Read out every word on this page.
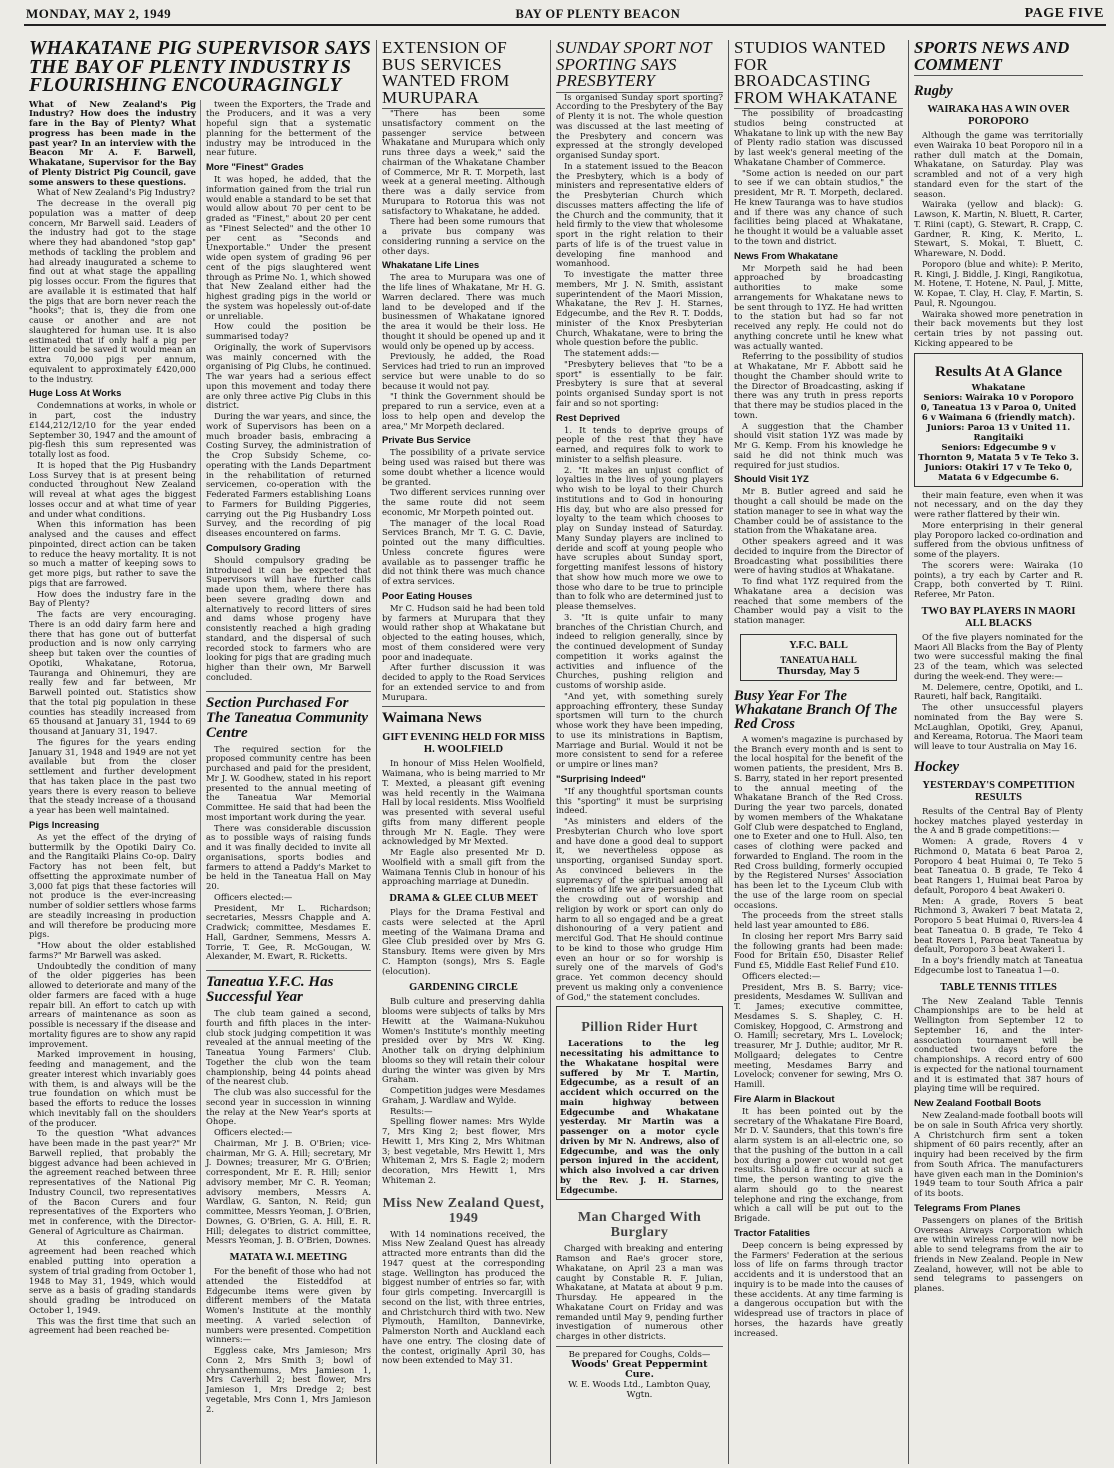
MONDAY, MAY 2, 1949	BAY OF PLENTY BEACON	PAGE FIVE
WHAKATANE PIG SUPERVISOR SAYS THE BAY OF PLENTY INDUSTRY IS FLOURISHING ENCOURAGINGLY

What of New Zealand's Pig Industry? How does the industry fare in the Bay of Plenty? What progress has been made in the past year? In an interview with the Beacon Mr A. F. Barwell, Whakatane, Supervisor for the Bay of Plenty District Pig Council, gave some answers to these questions.

What of New Zealand's Pig Industry?

The decrease in the overall pig population was a matter of deep concern, Mr Barwell said. Leaders of the industry had got to the stage where they had abandoned "stop gap" methods of tackling the problem and had already inaugurated a scheme to find out at what stage the appalling pig losses occur. From the figures that are available it is estimated that half the pigs that are born never reach the "hooks"; that is, they die from one cause or another and are not slaughtered for human use. It is also estimated that if only half a pig per litter could be saved it would mean an extra 70,000 pigs per annum, equivalent to approximately £420,000 to the industry.

Huge Loss At Works

Condemnations at works, in whole or in part, cost the industry £144,212/12/10 for the year ended September 30, 1947 and the amount of pig-flesh this sum represented was totally lost as food.

It is hoped that the Pig Husbandry Loss Survey that is at present being conducted throughout New Zealand will reveal at what ages the biggest losses occur and at what time of year and under what conditions.

When this information has been analysed and the causes and effect pinpointed, direct action can be taken to reduce the heavy mortality. It is not so much a matter of keeping sows to get more pigs, but rather to save the pigs that are farrowed.

How does the industry fare in the Bay of Plenty?

The facts are very encouraging. There is an odd dairy farm here and there that has gone out of butterfat production and is now only carrying sheep but taken over the counties of Opotiki, Whakatane, Rotorua, Tauranga and Ohinemuri, they are really few and far between, Mr Barwell pointed out. Statistics show that the total pig population in these counties has steadily increased from 65 thousand at January 31, 1944 to 69 thousand at January 31, 1947.

The figures for the years ending January 31, 1948 and 1949 are not yet available but from the closer settlement and further development that has taken place in the past two years there is every reason to believe that the steady increase of a thousand a year has been well maintained.

Pigs Increasing

As yet the effect of the drying of buttermilk by the Opotiki Dairy Co. and the Rangitaiki Plains Co-op. Dairy Factory has not been felt, but offsetting the approximate number of 3,000 fat pigs that these factories will not produce is the ever-increasing number of soldier settlers whose farms are steadily increasing in production and will therefore be producing more pigs.

"How about the older established farms?" Mr Barwell was asked.

Undoubtedly the condition of many of the older piggeries has been allowed to deteriorate and many of the older farmers are faced with a huge repair bill. An effort to catch up with arrears of maintenance as soon as possible is necessary if the disease and mortality figures are to show any rapid improvement.

Marked improvement in housing, feeding and management, and the greater interest which invariably goes with them, is and always will be the true foundation on which must be based the efforts to reduce the losses which inevitably fall on the shoulders of the producer.

To the question "What advances have been made in the past year?" Mr Barwell replied, that probably the biggest advance had been achieved in the agreement reached between three representatives of the National Pig Industry Council, two representatives of the Bacon Curers and four representatives of the Exporters who met in conference, with the Director-General of Agriculture as Chairman.

At this conference, general agreement had been reached which enabled putting into operation a system of trial grading from October 1, 1948 to May 31, 1949, which would serve as a basis of grading standards should grading be introduced on October 1, 1949.

This was the first time that such an agreement had been reached be-

tween the Exporters, the Trade and the Producers, and it was a very hopeful sign that a systematic planning for the betterment of the industry may be introduced in the near future.

More "Finest" Grades

It was hoped, he added, that the information gained from the trial run would enable a standard to be set that would allow about 70 per cent to be graded as "Finest," about 20 per cent as "Finest Selected" and the other 10 per cent as "Seconds and Unexportable." Under the present wide open system of grading 96 per cent of the pigs slaughtered went through as Prime No. 1, which showed that New Zealand either had the highest grading pigs in the world or the system was hopelessly out-of-date or unreliable.

How could the position be summarised today?

Originally, the work of Supervisors was mainly concerned with the organising of Pig Clubs, he continued. The war years had a serious effect upon this movement and today there are only three active Pig Clubs in this district.

During the war years, and since, the work of Supervisors has been on a much broader basis, embracing a Costing Survey, the administration of the Crop Subsidy Scheme, co-operating with the Lands Department in the rehabilitation of returned servicemen, co-operation with the Federated Farmers establishing Loans to Farmers for Building Piggeries, carrying out the Pig Husbandry Loss Survey, and the recording of pig diseases encountered on farms.

Compulsory Grading

Should compulsory grading be introduced it can be expected that Supervisors will have further calls made upon them, where there has been severe grading down and alternatively to record litters of sires and dams whose progeny have consistently reached a high grading standard, and the dispersal of such recorded stock to farmers who are looking for pigs that are grading much higher than their own, Mr Barwell concluded.

Section Purchased For The Taneatua Community Centre

The required section for the proposed community centre has been purchased and paid for the president, Mr J. W. Goodhew, stated in his report presented to the annual meeting of the Taneatua War Memorial Committee. He said that had been the most important work during the year.

There was considerable discussion as to possible ways of raising funds and it was finally decided to invite all organisations, sports bodies and farmers to attend a Paddy's Market to be held in the Taneatua Hall on May 20.

Officers elected:—

President, Mr L. Richardson; secretaries, Messrs Chapple and A. Cradwick; committee, Mesdames E. Hall, Gardner, Semmens, Messrs A. Torrie, T. Gee, R. McGougan, W. Alexander, M. Ewart, R. Ricketts.

Taneatua Y.F.C. Has Successful Year

The club team gained a second, fourth and fifth places in the inter-club stock judging competition it was revealed at the annual meeting of the Taneatua Young Farmers' Club. Together the club won the team championship, being 44 points ahead of the nearest club.

The club was also successful for the second year in succession in winning the relay at the New Year's sports at Ohope.

Officers elected:—

Chairman, Mr J. B. O'Brien; vice-chairman, Mr G. A. Hill; secretary, Mr J. Downes; treasurer, Mr G. O'Brien; correspondent, Mr E. R. Hill; senior advisory member, Mr C. R. Yeoman; advisory members, Messrs A. Wardlaw, G. Santon, N. Reid; gun committee, Messrs Yeoman, J. O'Brien, Downes, G. O'Brien, G. A. Hill, E. R. Hill; delegates to district committee, Messrs Yeoman, J. B. O'Brien, Downes.

MATATA W.I. MEETING

For the benefit of those who had not attended the Eisteddfod at Edgecumbe items were given by different members of the Matata Women's Institute at the monthly meeting. A varied selection of numbers were presented. Competition winners:—

Eggless cake, Mrs Jamieson; Mrs Conn 2, Mrs Smith 3; bowl of chrysanthemums, Mrs Jamieson 1, Mrs Caverhill 2; best flower, Mrs Jamieson 1, Mrs Dredge 2; best vegetable, Mrs Conn 1, Mrs Jamieson 2.

EXTENSION OF BUS SERVICES WANTED FROM MURUPARA

"There has been some unsatisfactory comment on the passenger service between Whakatane and Murupara which only runs three days a week," said the chairman of the Whakatane Chamber of Commerce, Mr R. T. Morpeth, last week at a general meeting. Although there was a daily service from Murupara to Rotorua this was not satisfactory to Whakatane, he added.

There had been some rumours that a private bus company was considering running a service on the other days.

Whakatane Life Lines

The area to Murupara was one of the life lines of Whakatane, Mr H. G. Warren declared. There was much land to be developed and if the businessmen of Whakatane ignored the area it would be their loss. He thought it should be opened up and it would only be opened up by access.

Previously, he added, the Road Services had tried to run an improved service but were unable to do so because it would not pay.

"I think the Government should be prepared to run a service, even at a loss to help open and develop the area," Mr Morpeth declared.

Private Bus Service

The possibility of a private service being used was raised but there was some doubt whether a licence would be granted.

Two different services running over the same route did not seem economic, Mr Morpeth pointed out.

The manager of the local Road Services Branch, Mr T. G. C. Davie, pointed out the many difficulties. Unless concrete figures were available as to passenger traffic he did not think there was much chance of extra services.

Poor Eating Houses

Mr C. Hudson said he had been told by farmers at Murupara that they would rather shop at Whakatane but objected to the eating houses, which, most of them considered were very poor and inadequate.

After further discussion it was decided to apply to the Road Services for an extended service to and from Murupara.

Waimana News
GIFT EVENING HELD FOR MISS H. WOOLFIELD

In honour of Miss Helen Woolfield, Waimana, who is being married to Mr T. Mexted, a pleasant gift evening was held recently in the Waimana Hall by local residents. Miss Woolfield was presented with several useful gifts from many different people through Mr N. Eagle. They were acknowledged by Mr Mexted.

Mr Eagle also presented Mr D. Woolfield with a small gift from the Waimana Tennis Club in honour of his approaching marriage at Dunedin.

DRAMA & GLEE CLUB MEET

Plays for the Drama Festival and casts were selected at the April meeting of the Waimana Drama and Glee Club presided over by Mrs G. Stansbury. Items were given by Mrs C. Hampton (songs), Mrs S. Eagle (elocution).

GARDENING CIRCLE

Bulb culture and preserving dahlia blooms were subjects of talks by Mrs Hewitt at the Waimana-Nukuhou Women's Institute's monthly meeting presided over by Mrs W. King. Another talk on drying delphinium blooms so they will retain their colour during the winter was given by Mrs Graham.

Competition judges were Mesdames Graham, J. Wardlaw and Wylde.

Results:—

Spelling flower names: Mrs Wylde 7, Mrs King 2; best flower, Mrs Hewitt 1, Mrs King 2, Mrs Whitman 3; best vegetable, Mrs Hewitt 1, Mrs Whiteman 2, Mrs S. Eagle 2; modern decoration, Mrs Hewitt 1, Mrs Whiteman 2.

Miss New Zealand Quest, 1949

With 14 nominations received, the Miss New Zealand Quest has already attracted more entrants than did the 1947 quest at the corresponding stage. Wellington has produced the biggest number of entries so far, with four girls competing. Invercargill is second on the list, with three entries, and Christchurch third with two. New Plymouth, Hamilton, Dannevirke, Palmerston North and Auckland each have one entry. The closing date of the contest, originally April 30, has now been extended to May 31.

SUNDAY SPORT NOT SPORTING SAYS PRESBYTERY

Is organised Sunday sport sporting? According to the Presbytery of the Bay of Plenty it is not. The whole question was discussed at the last meeting of the Presbytery and concern was expressed at the strongly developed organised Sunday sport.

In a statement issued to the Beacon the Presbytery, which is a body of ministers and representative elders of the Presbyterian Church which discusses matters affecting the life of the Church and the community, that it held firmly to the view that wholesome sport in the right relation to their parts of life is of the truest value in developing fine manhood and womanhood.

To investigate the matter three members, Mr J. N. Smith, assistant superintendent of the Maori Mission, Whakatane, the Rev J. H. Starnes, Edgecumbe, and the Rev R. T. Dodds, minister of the Knox Presbyterian Church, Whakatane, were to bring the whole question before the public.

The statement adds:—

"Presbytery believes that "to be a sport" is essentially to be fair. Presbytery is sure that at several points organised Sunday sport is not fair and so not sporting:

Rest Deprived

1. It tends to deprive groups of people of the rest that they have earned, and requires folk to work to minister to a selfish pleasure.

2. "It makes an unjust conflict of loyalties in the lives of young players who wish to be loyal to their Church institutions and to God in honouring His day, but who are also pressed for loyalty to the team which chooses to play on Sunday instead of Saturday. Many Sunday players are inclined to deride and scoff at young people who have scruples about Sunday sport, forgetting manifest lessons of history that show how much more we owe to those who dare to be true to principle than to folk who are determined just to please themselves.

3. "It is quite unfair to many branches of the Christian Church, and indeed to religion generally, since by the continued development of Sunday competition it works against the activities and influence of the Churches, pushing religion and customs of worship aside.

"And yet, with something surely approaching effrontery, these Sunday sportsmen will turn to the church whose work they have been impeding, to use its ministrations in Baptism, Marriage and Burial. Would it not be more consistent to send for a referee or umpire or lines man?

"Surprising Indeed"

"If any thoughtful sportsman counts this "sporting" it must be surprising indeed.

"As ministers and elders of the Presbyterian Church who love sport and have done a good deal to support it, we nevertheless oppose as unsporting, organised Sunday sport. As convinced believers in the supremacy of the spiritual among all elements of life we are persuaded that the crowding out of worship and religion by work or sport can only do harm to all so engaged and be a great dishonouring of a very patient and merciful God. That He should continue to be kind to those who grudge Him even an hour or so for worship is surely one of the marvels of God's grace. Yet common decency should prevent us making only a convenience of God," the statement concludes.

Pillion Rider Hurt

Lacerations to the leg necessitating his admittance to the Whakatane hospital were suffered by Mr T. Martin, Edgecumbe, as a result of an accident which occurred on the main highway between Edgecumbe and Whakatane yesterday. Mr Martin was a passenger on a motor cycle driven by Mr N. Andrews, also of Edgecumbe, and was the only person injured in the accident, which also involved a car driven by the Rev. J. H. Starnes, Edgecumbe.

Man Charged With Burglary

Charged with breaking and entering Ramson and Rae's grocer store, Whakatane, on April 23 a man was caught by Constable R. F. Julian, Whakatane, at Matata at about 9 p.m. Thursday. He appeared in the Whakatane Court on Friday and was remanded until May 9, pending further investigation of numerous other charges in other districts.

Be prepared for Coughs, Colds—
Woods' Great Peppermint Cure.
W. E. Woods Ltd., Lambton Quay, Wgtn.
STUDIOS WANTED FOR BROADCASTING FROM WHAKATANE

The possibility of broadcasting studios being constructed at Whakatane to link up with the new Bay of Plenty radio station was discussed by last week's general meeting of the Whakatane Chamber of Commerce.

"Some action is needed on our part to see if we can obtain studios," the president, Mr R. T. Morpeth, declared. He knew Tauranga was to have studios and if there was any chance of such facilities being placed at Whakatane, he thought it would be a valuable asset to the town and district.

News From Whakatane

Mr Morpeth said he had been approached by broadcasting authorities to make some arrangements for Whakatane news to be sent through to 1YZ. He had written to the station but had so far not received any reply. He could not do anything concrete until he knew what was actually wanted.

Referring to the possibility of studios at Whakatane, Mr F. Abbott said he thought the Chamber should write to the Director of Broadcasting, asking if there was any truth in press reports that there may be studios placed in the town.

A suggestion that the Chamber should visit station 1YZ was made by Mr G. Kemp. From his knowledge he said he did not think much was required for just studios.

Should Visit 1YZ

Mr B. Butler agreed and said he thought a call should be made on the station manager to see in what way the Chamber could be of assistance to the station from the Whakatane area.

Other speakers agreed and it was decided to inquire from the Director of Broadcasting what possibilities there were of having studios at Whakatane.

To find what 1YZ required from the Whakatane area a decision was reached that some members of the Chamber would pay a visit to the station manager.

Y.F.C. BALL
TANEATUA HALL
Thursday, May 5
Busy Year For The Whakatane Branch Of The Red Cross

A women's magazine is purchased by the Branch every month and is sent to the local hospital for the benefit of the women patients, the president, Mrs B. S. Barry, stated in her report presented to the annual meeting of the Whakatane Branch of the Red Cross. During the year two parcels, donated by women members of the Whakatane Golf Club were despatched to England, one to Exeter and one to Hull. Also, ten cases of clothing were packed and forwarded to England. The room in the Red Cross building, formerly occupied by the Registered Nurses' Association has been let to the Lyceum Club with the use of the large room on special occasions.

The proceeds from the street stalls held last year amounted to £86.

In closing her report Mrs Barry said the following grants had been made: Food for Britain £50, Disaster Relief Fund £5, Middle East Relief Fund £10.

Officers elected:—

President, Mrs B. S. Barry; vice-presidents, Mesdames W. Sullivan and T. James; executive committee, Mesdames S. S. Shapley, C. H. Comiskey, Hopgood, C. Armstrong and O. Hamill; secretary, Mrs L. Lovelock; treasurer, Mr J. Duthie; auditor, Mr R. Mollgaard; delegates to Centre meeting, Mesdames Barry and Lovelock; convener for sewing, Mrs O. Hamill.

Fire Alarm in Blackout

It has been pointed out by the secretary of the Whakatane Fire Board, Mr D. V. Saunders, that this town's fire alarm system is an all-electric one, so that the pushing of the button in a call box during a power cut would not get results. Should a fire occur at such a time, the person wanting to give the alarm should go to the nearest telephone and ring the exchange, from which a call will be put out to the Brigade.

Tractor Fatalities

Deep concern is being expressed by the Farmers' Federation at the serious loss of life on farms through tractor accidents and it is understood that an inquiry is to be made into the causes of these accidents. At any time farming is a dangerous occupation but with the widespread use of tractors in place of horses, the hazards have greatly increased.

SPORTS NEWS AND COMMENT
Rugby
WAIRAKA HAS A WIN OVER POROPORO

Although the game was territorially even Wairaka 10 beat Poroporo nil in a rather dull match at the Domain, Whakatane, on Saturday. Play was scrambled and not of a very high standard even for the start of the season.

Wairaka (yellow and black): G. Lawson, K. Martin, N. Bluett, R. Carter, T. Riini (capt), G. Stewart, R. Crapp, C. Gardner, R. King, K. Merito, L. Stewart, S. Mokai, T. Bluett, C. Whareware, N. Dodd.

Poroporo (blue and white): P. Merito, R. Kingi, J. Biddle, J. Kingi, Rangikotua, M. Hotene, T. Hotene, N. Paul, J. Mitte, W. Kopae, T. Clay, H. Clay, F. Martin, S. Paul, R. Ngoungou.

Wairaka showed more penetration in their back movements but they lost certain tries by not passing out. Kicking appeared to be

Results At A Glance
Whakatane
Seniors: Wairaka 10 v Poroporo 0, Taneatua 13 v Paroa 0, United 6 v Waimana 6 (friendly match).
Juniors: Paroa 13 v United 11.
Rangitaiki
Seniors: Edgecumbe 9 v Thornton 9, Matata 5 v Te Teko 3.
Juniors: Otakiri 17 v Te Teko 0, Matata 6 v Edgecumbe 6.

their main feature, even when it was not necessary, and on the day they were rather flattered by their win.

More enterprising in their general play Poroporo lacked co-ordination and suffered from the obvious unfitness of some of the players.

The scorers were: Wairaka (10 points), a try each by Carter and R. Crapp, both converted by T. Riini. Referee, Mr Paton.

TWO BAY PLAYERS IN MAORI ALL BLACKS

Of the five players nominated for the Maori All Blacks from the Bay of Plenty two were successful making the final 23 of the team, which was selected during the week-end. They were:—

M. Delemere, centre, Opotiki, and L. Raureti, half back, Rangitaiki.

The other unsuccessful players nominated from the Bay were S. McLaughlan, Opotiki, Grey, Apanui, and Kereama, Rotorua. The Maori team will leave to tour Australia on May 16.

Hockey
YESTERDAY'S COMPETITION RESULTS

Results of the Central Bay of Plenty hockey matches played yesterday in the A and B grade competitions:—

Women: A grade, Rovers 4 v Richmond 0, Matata 6 beat Paroa 2, Poroporo 4 beat Huimai 0, Te Teko 5 beat Taneatua 0. B grade, Te Teko 4 beat Rangers 1, Huimai beat Paroa by default, Poroporo 4 beat Awakeri 0.

Men: A grade, Rovers 5 beat Richmond 3, Awakeri 7 beat Matata 2, Poroporo 5 beat Huimai 0, Rivers-lea 4 beat Taneatua 0. B grade, Te Teko 4 beat Rovers 1, Paroa beat Taneatua by default, Poroporo 3 beat Awakeri 1.

In a boy's friendly match at Taneatua Edgecumbe lost to Taneatua 1—0.

TABLE TENNIS TITLES

The New Zealand Table Tennis Championships are to be held at Wellington from September 12 to September 16, and the inter-association tournament will be conducted two days before the championships. A record entry of 600 is expected for the national tournament and it is estimated that 387 hours of playing time will be required.

New Zealand Football Boots

New Zealand-made football boots will be on sale in South Africa very shortly. A Christchurch firm sent a token shipment of 60 pairs recently, after an inquiry had been received by the firm from South Africa. The manufacturers have given each man in the Dominion's 1949 team to tour South Africa a pair of its boots.

Telegrams From Planes

Passengers on planes of the British Overseas Airways Corporation which are within wireless range will now be able to send telegrams from the air to friends in New Zealand. People in New Zealand, however, will not be able to send telegrams to passengers on planes.
